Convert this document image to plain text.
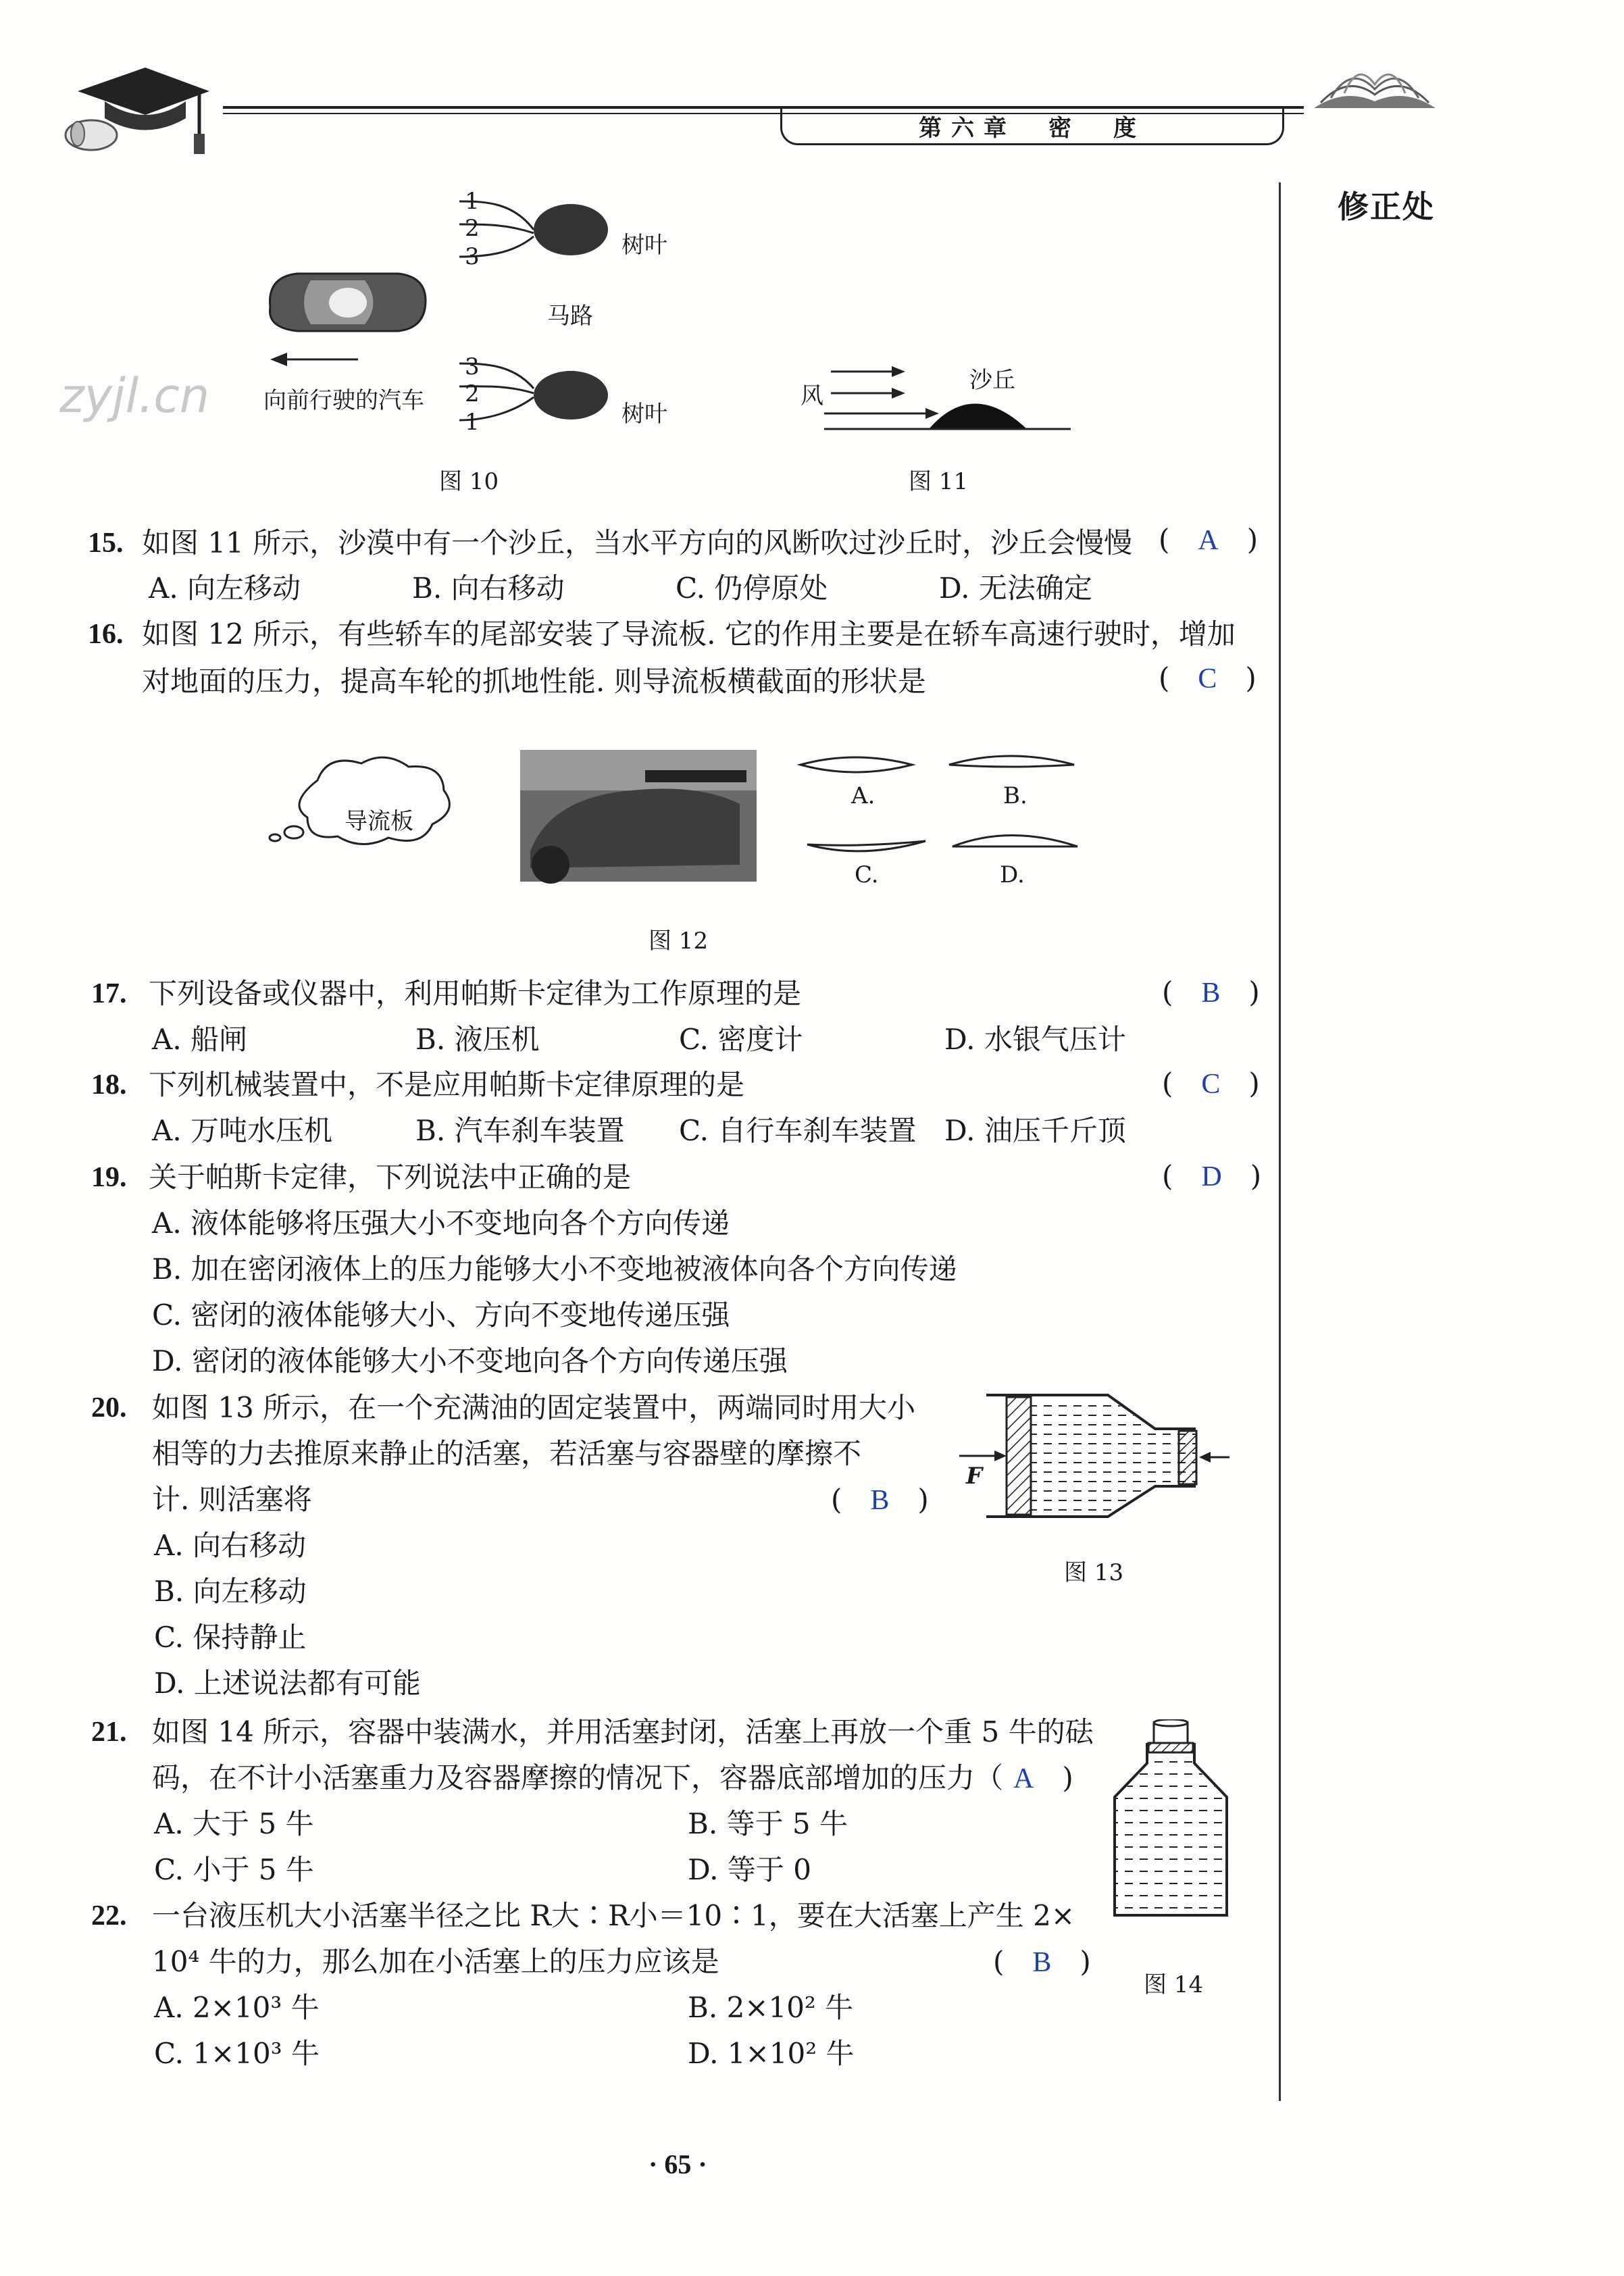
第六章　密　度
修正处
zyjl.cn
1
2
3	树叶
马路
3
2
1	树叶
向前行驶的汽车
图 10
风
沙丘
图 11
15. 如图 11 所示，沙漠中有一个沙丘，当水平方向的风断吹过沙丘时，沙丘会慢慢 (　A　)
A. 向左移动	B. 向右移动	C. 仍停原处	D. 无法确定
16. 如图 12 所示，有些轿车的尾部安装了导流板. 它的作用主要是在轿车高速行驶时，增加
对地面的压力，提高车轮的抓地性能. 则导流板横截面的形状是	(　C　)
导流板
A.	B.
C.	D.
图 12
17. 下列设备或仪器中，利用帕斯卡定律为工作原理的是	(　B　)
A. 船闸	B. 液压机	C. 密度计	D. 水银气压计
18. 下列机械装置中，不是应用帕斯卡定律原理的是	(　C　)
A. 万吨水压机	B. 汽车刹车装置 C. 自行车刹车装置 D. 油压千斤顶
19. 关于帕斯卡定律，下列说法中正确的是	(　D　)
A. 液体能够将压强大小不变地向各个方向传递
B. 加在密闭液体上的压力能够大小不变地被液体向各个方向传递
C. 密闭的液体能够大小、方向不变地传递压强
D. 密闭的液体能够大小不变地向各个方向传递压强
20. 如图 13 所示，在一个充满油的固定装置中，两端同时用大小
相等的力去推原来静止的活塞，若活塞与容器壁的摩擦不
计. 则活塞将	(　B　)
A. 向右移动
B. 向左移动
C. 保持静止
D. 上述说法都有可能
F
图 13
21. 如图 14 所示，容器中装满水，并用活塞封闭，活塞上再放一个重 5 牛的砝
码，在不计小活塞重力及容器摩擦的情况下，容器底部增加的压力（ A　)
A. 大于 5 牛	B. 等于 5 牛
C. 小于 5 牛	D. 等于 0
图 14
22. 一台液压机大小活塞半径之比 R大∶R小＝10∶1，要在大活塞上产生 2×
10⁴ 牛的力，那么加在小活塞上的压力应该是	(　B　)
A. 2×10³ 牛	B. 2×10² 牛
C. 1×10³ 牛	D. 1×10² 牛
· 65 ·
